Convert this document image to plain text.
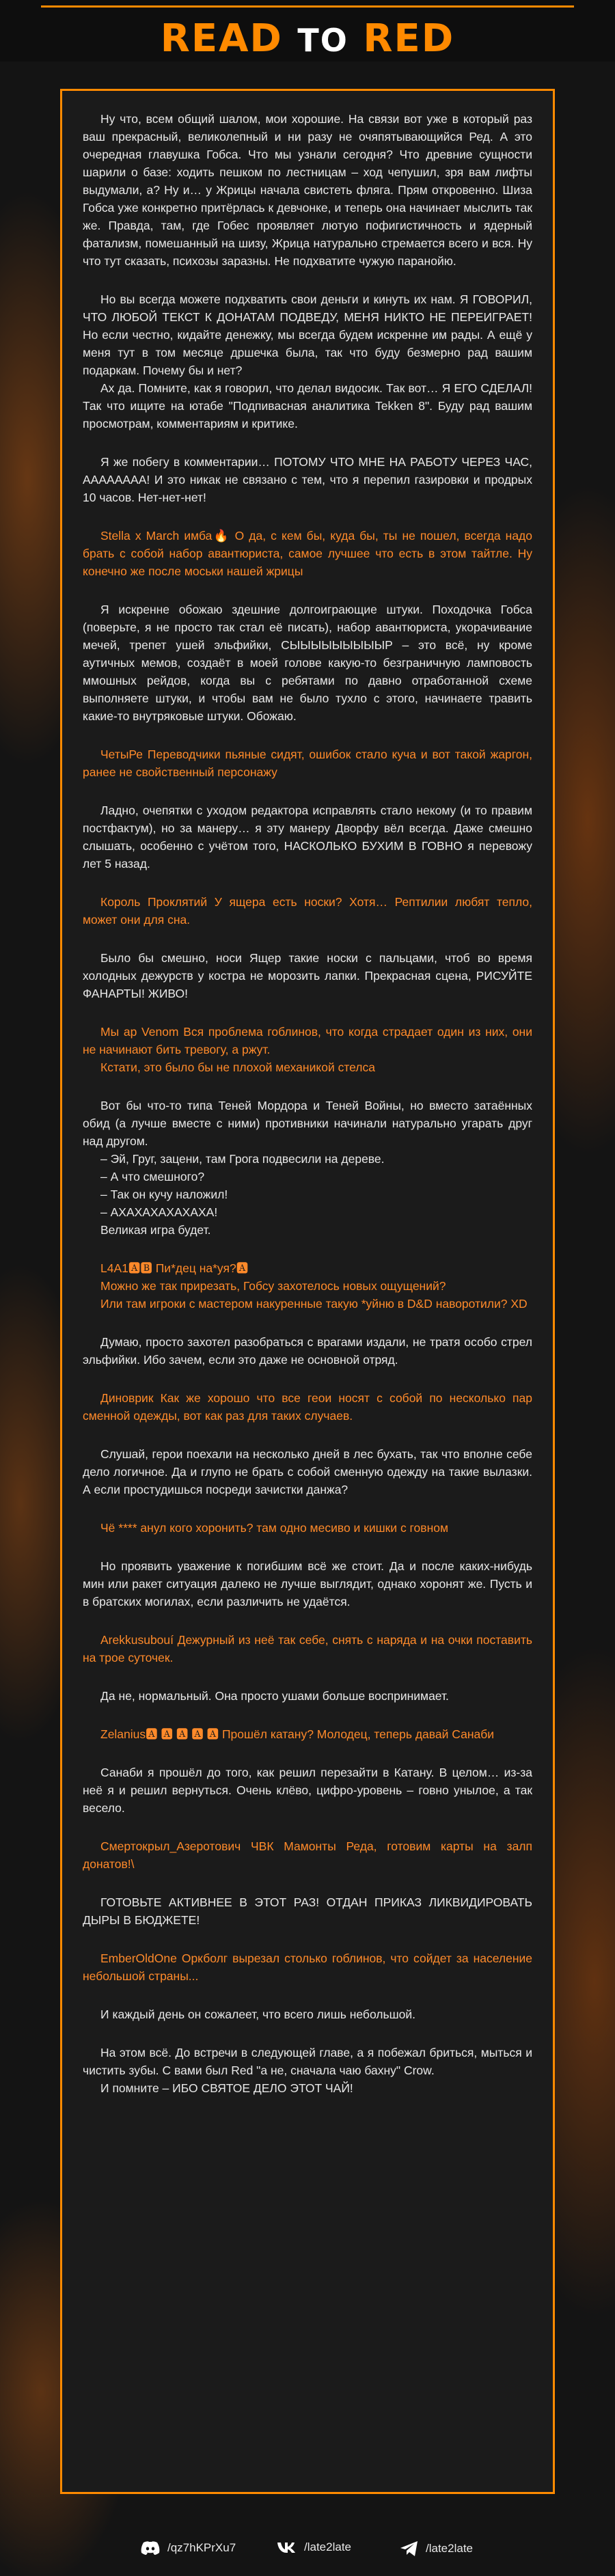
READ TO RED
Ну что, всем общий шалом, мои хорошие. На связи вот уже в который раз ваш прекрасный, великолепный и ни разу не очяпятывающийся Ред. А это очередная главушка Гобса. Что мы узнали сегодня? Что древние сущности шарили о базе: ходить пешком по лестницам – ход чепушил, зря вам лифты выдумали, а? Ну и… у Жрицы начала свистеть фляга. Прям откровенно. Шиза Гобса уже конкретно притёрлась к девчонке, и теперь она начинает мыслить так же. Правда, там, где Гобес проявляет лютую пофигистичность и ядерный фатализм, помешанный на шизу, Жрица натурально стремается всего и вся. Ну что тут сказать, психозы заразны. Не подхватите чужую паранойю.
Но вы всегда можете подхватить свои деньги и кинуть их нам. Я ГОВОРИЛ, ЧТО ЛЮБОЙ ТЕКСТ К ДОНАТАМ ПОДВЕДУ, МЕНЯ НИКТО НЕ ПЕРЕИГРАЕТ! Но если честно, кидайте денежку, мы всегда будем искренне им рады. А ещё у меня тут в том месяце дршечка была, так что буду безмерно рад вашим подаркам. Почему бы и нет?
Ах да. Помните, как я говорил, что делал видосик. Так вот… Я ЕГО СДЕЛАЛ! Так что ищите на ютабе "Подпивасная аналитика Tekken 8". Буду рад вашим просмотрам, комментариям и критике.
Я же побегу в комментарии… ПОТОМУ ЧТО МНЕ НА РАБОТУ ЧЕРЕЗ ЧАС, АААААААА! И это никак не связано с тем, что я перепил газировки и продрых 10 часов. Нет-нет-нет!
Stella x March имба🔥 О да, с кем бы, куда бы, ты не пошел, всегда надо брать с собой набор авантюриста, самое лучшее что есть в этом тайтле. Ну конечно же после моськи нашей жрицы
Я искренне обожаю здешние долгоиграющие штуки. Походочка Гобса (поверьте, я не просто так стал её писать), набор авантюриста, укорачивание мечей, трепет ушей эльфийки, СЫЫЫЫЫЫЫЫЫР – это всё, ну кроме аутичных мемов, создаёт в моей голове какую-то безграничную ламповость ммошных рейдов, когда вы с ребятами по давно отработанной схеме выполняете штуки, и чтобы вам не было тухло с этого, начинаете травить какие-то внутряковые штуки. Обожаю.
ЧетыРе Переводчики пьяные сидят, ошибок стало куча и вот такой жаргон, ранее не свойственный персонажу
Ладно, очепятки с уходом редактора исправлять стало некому (и то правим постфактум), но за манеру… я эту манеру Дворфу вёл всегда. Даже смешно слышать, особенно с учётом того, НАСКОЛЬКО БУХИМ В ГОВНО я перевожу лет 5 назад.
Король Проклятий У ящера есть носки? Хотя… Рептилии любят тепло, может они для сна.
Было бы смешно, носи Ящер такие носки с пальцами, чтоб во время холодных дежурств у костра не морозить лапки. Прекрасная сцена, РИСУЙТЕ ФАНАРТЫ! ЖИВО!
Мы ap Venom Вся проблема гоблинов, что когда страдает один из них, они не начинают бить тревогу, а ржут.
Кстати, это было бы не плохой механикой стелса
Вот бы что-то типа Теней Мордора и Теней Войны, но вместо затаённых обид (а лучше вместе с ними) противники начинали натурально угарать друг над другом.
– Эй, Груг, зацени, там Грога подвесили на дереве.
– А что смешного?
– Так он кучу наложил!
– АХАХАХАХАХАХА!
Великая игра будет.
L4A1🅰🅱 Пи*дец на*уя?🅰
Можно же так прирезать, Гобсу захотелось новых ощущений?
Или там игроки с мастером накуренные такую *уйню в D&D наворотили? XD
Думаю, просто захотел разобраться с врагами издали, не тратя особо стрел эльфийки. Ибо зачем, если это даже не основной отряд.
Диноврик Как же хорошо что все геои носят с собой по несколько пар сменной одежды, вот как раз для таких случаев.
Слушай, герои поехали на несколько дней в лес бухать, так что вполне себе дело логичное. Да и глупо не брать с собой сменную одежду на такие вылазки. А если простудишься посреди зачистки данжа?
Чё **** анул кого хоронить? там одно месиво и кишки с говном
Но проявить уважение к погибшим всё же стоит. Да и после каких-нибудь мин или ракет ситуация далеко не лучше выглядит, однако хоронят же. Пусть и в братских могилах, если различить не удаётся.
Arekkusubouí Дежурный из неё так себе, снять с наряда и на очки поставить на трое суточек.
Да не, нормальный. Она просто ушами больше воспринимает.
Zelanius🅰 🅰 🅰 🅰 🅰 Прошёл катану? Молодец, теперь давай Санаби
Санаби я прошёл до того, как решил перезайти в Катану. В целом… из-за неё я и решил вернуться. Очень клёво, цифро-уровень – говно унылое, а так весело.
Смертокрыл_Азеротович ЧВК Мамонты Реда, готовим карты на залп донатов!\
ГОТОВЬТЕ АКТИВНЕЕ В ЭТОТ РАЗ! ОТДАН ПРИКАЗ ЛИКВИДИРОВАТЬ ДЫРЫ В БЮДЖЕТЕ!
EmberOldOne Оркболг вырезал столько гоблинов, что сойдет за население небольшой страны...
И каждый день он сожалеет, что всего лишь небольшой.
На этом всё. До встречи в следующей главе, а я побежал бриться, мыться и чистить зубы. С вами был Red "а не, сначала чаю бахну" Crow.
И помните – ИБО СВЯТОЕ ДЕЛО ЭТОТ ЧАЙ!
/qz7hKPrXu7	/late2late	/late2late
